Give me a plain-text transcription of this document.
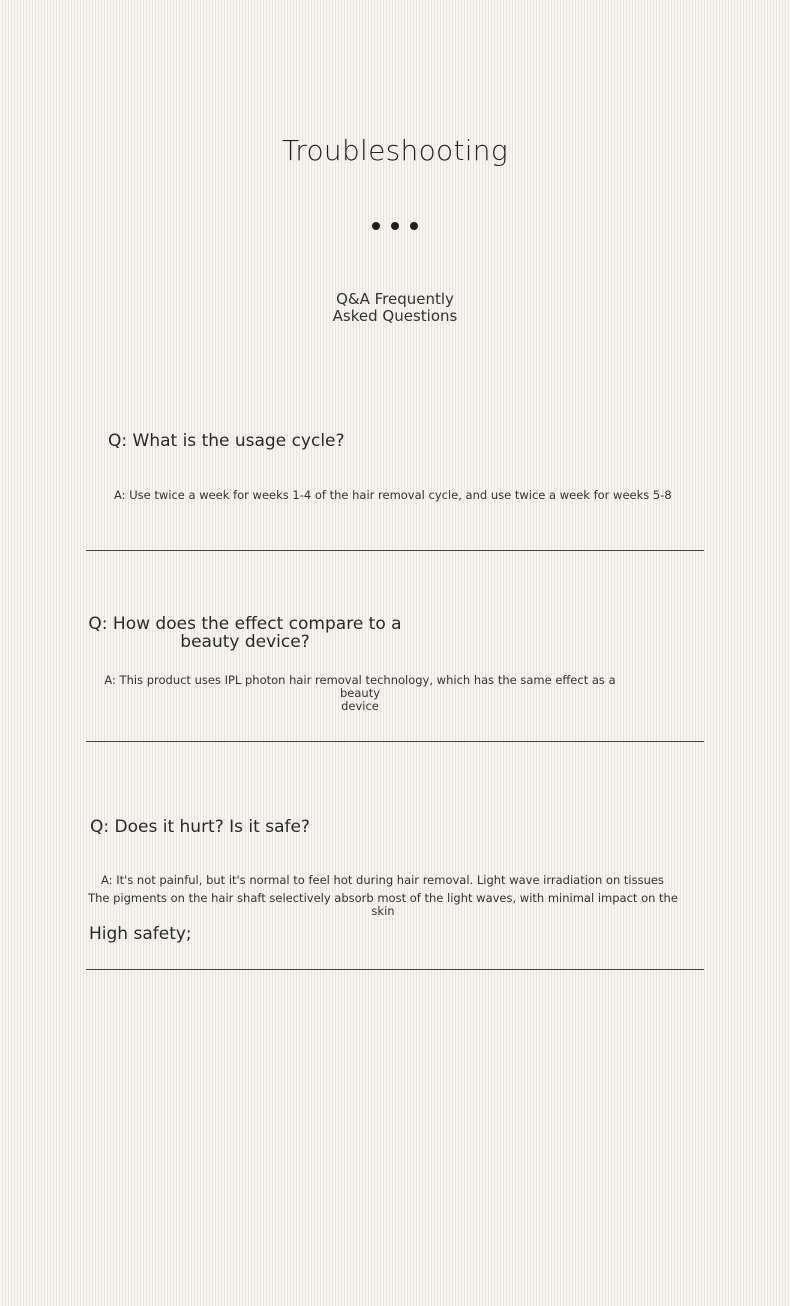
Troubleshooting
Q&A Frequently
Asked Questions
Q: What is the usage cycle?
A: Use twice a week for weeks 1-4 of the hair removal cycle, and use twice a week for weeks 5-8
Q: How does the effect compare to a
beauty device?
A: This product uses IPL photon hair removal technology, which has the same effect as a beauty
device
Q: Does it hurt? Is it safe?
A: It's not painful, but it's normal to feel hot during hair removal. Light wave irradiation on tissues
The pigments on the hair shaft selectively absorb most of the light waves, with minimal impact on the
skin
High safety;
